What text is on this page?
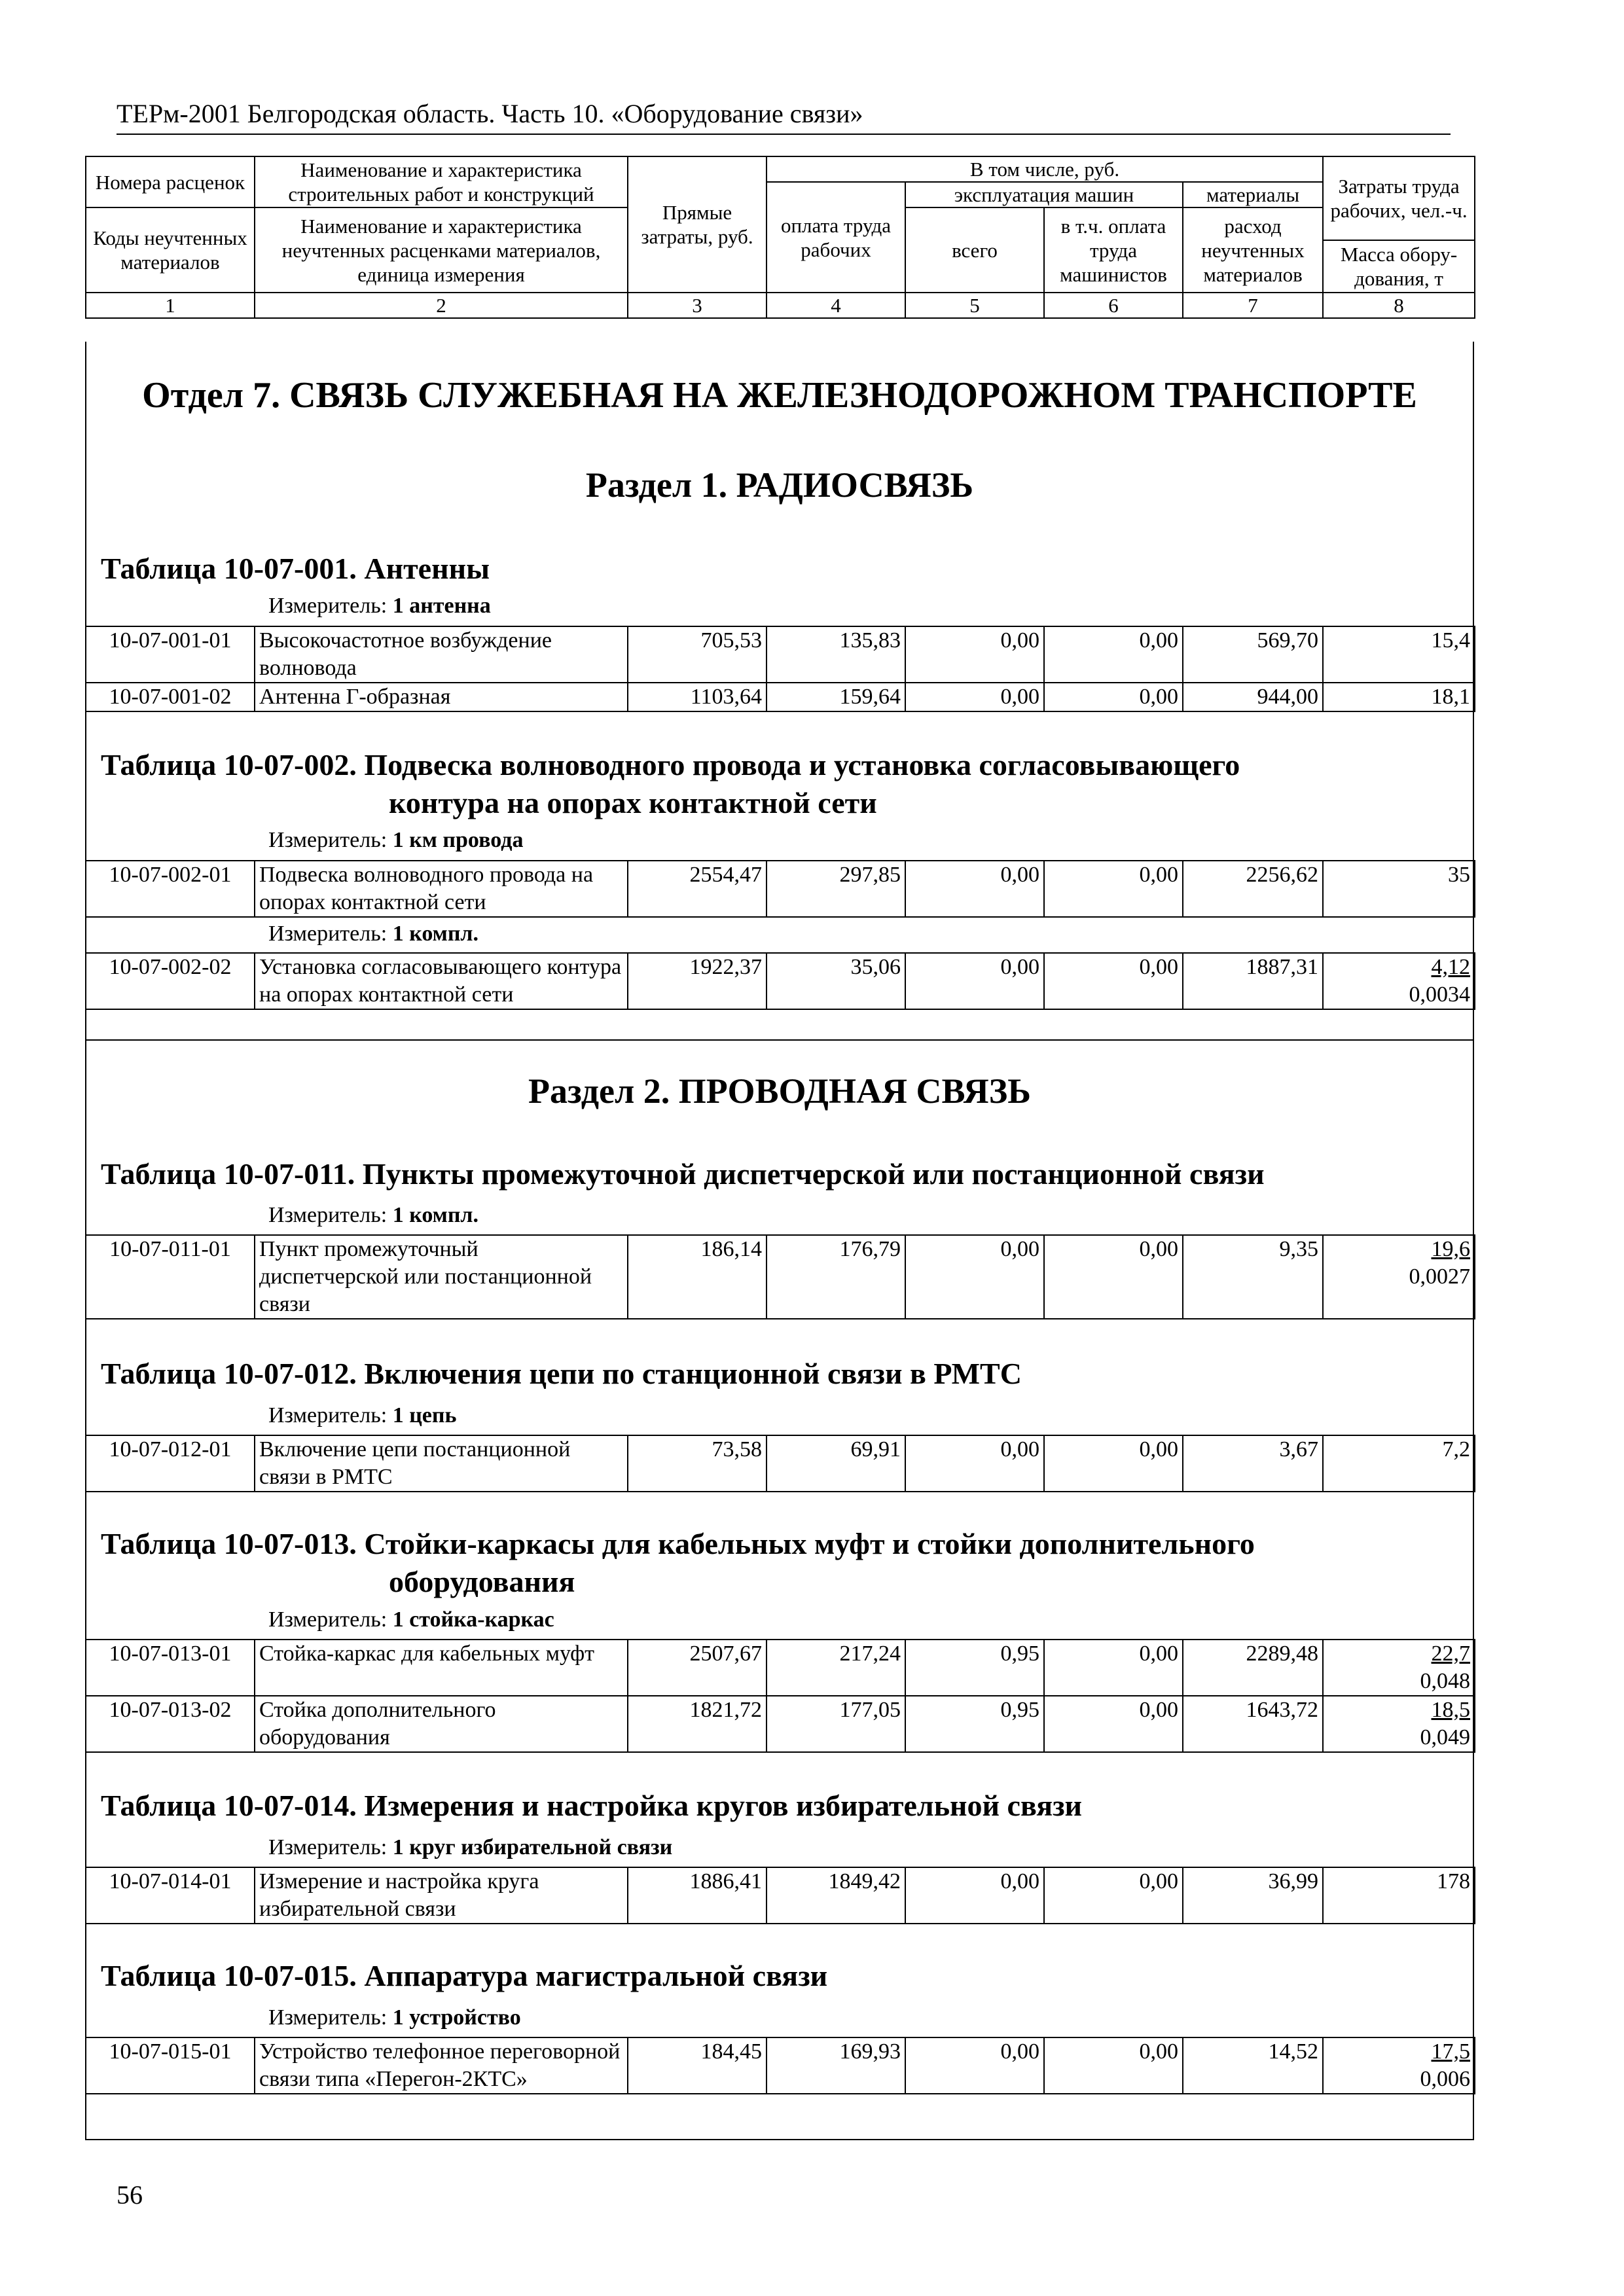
ТЕРм-2001 Белгородская область. Часть 10. «Оборудование связи»
Номера расценок	Наименование и характеристика строительных работ и конструкций	Прямые затраты, руб.	В том числе, руб.				Затраты труда рабочих, чел.-ч.
			оплата труда рабочих	эксплуатация машин		материалы	
Коды неучтенных материалов	Наименование и характеристика неучтенных расценками материалов, единица измерения			всего	в т.ч. оплата труда машинистов	расход неучтенных материалов	
							Масса обору- дования, т
1	2	3	4	5	6	7	8
Отдел 7. СВЯЗЬ СЛУЖЕБНАЯ НА ЖЕЛЕЗНОДОРОЖНОМ ТРАНСПОРТЕ
Раздел 1. РАДИОСВЯЗЬ
Таблица 10-07-001. Антенны
Измеритель: 1 антенна
10-07-001-01	Высокочастотное возбуждение волновода	705,53	135,83	0,00	0,00	569,70	15,4
10-07-001-02	Антенна Г-образная	1103,64	159,64	0,00	0,00	944,00	18,1
Таблица 10-07-002. Подвеска волноводного провода и установка согласовывающего
контура на опорах контактной сети
Измеритель: 1 км провода
10-07-002-01	Подвеска волноводного провода на опорах контактной сети	2554,47	297,85	0,00	0,00	2256,62	35
Измеритель: 1 компл.
10-07-002-02	Установка согласовывающего контура на опорах контактной сети	1922,37	35,06	0,00	0,00	1887,31	4,12
0,0034
Раздел 2. ПРОВОДНАЯ СВЯЗЬ
Таблица 10-07-011. Пункты промежуточной диспетчерской или постанционной связи
Измеритель: 1 компл.
10-07-011-01	Пункт промежуточный диспетчерской или постанционной связи	186,14	176,79	0,00	0,00	9,35	19,6
0,0027
Таблица 10-07-012. Включения цепи по станционной связи в РМТС
Измеритель: 1 цепь
10-07-012-01	Включение цепи постанционной связи в РМТС	73,58	69,91	0,00	0,00	3,67	7,2
Таблица 10-07-013. Стойки-каркасы для кабельных муфт и стойки дополнительного
оборудования
Измеритель: 1 стойка-каркас
10-07-013-01	Стойка-каркас для кабельных муфт	2507,67	217,24	0,95	0,00	2289,48	22,7
0,048
10-07-013-02	Стойка дополнительного оборудования	1821,72	177,05	0,95	0,00	1643,72	18,5
0,049
Таблица 10-07-014. Измерения и настройка кругов избирательной связи
Измеритель: 1 круг избирательной связи
10-07-014-01	Измерение и настройка круга избирательной связи	1886,41	1849,42	0,00	0,00	36,99	178
Таблица 10-07-015. Аппаратура магистральной связи
Измеритель: 1 устройство
10-07-015-01	Устройство телефонное переговорной связи типа «Перегон-2КТС»	184,45	169,93	0,00	0,00	14,52	17,5
0,006
56
